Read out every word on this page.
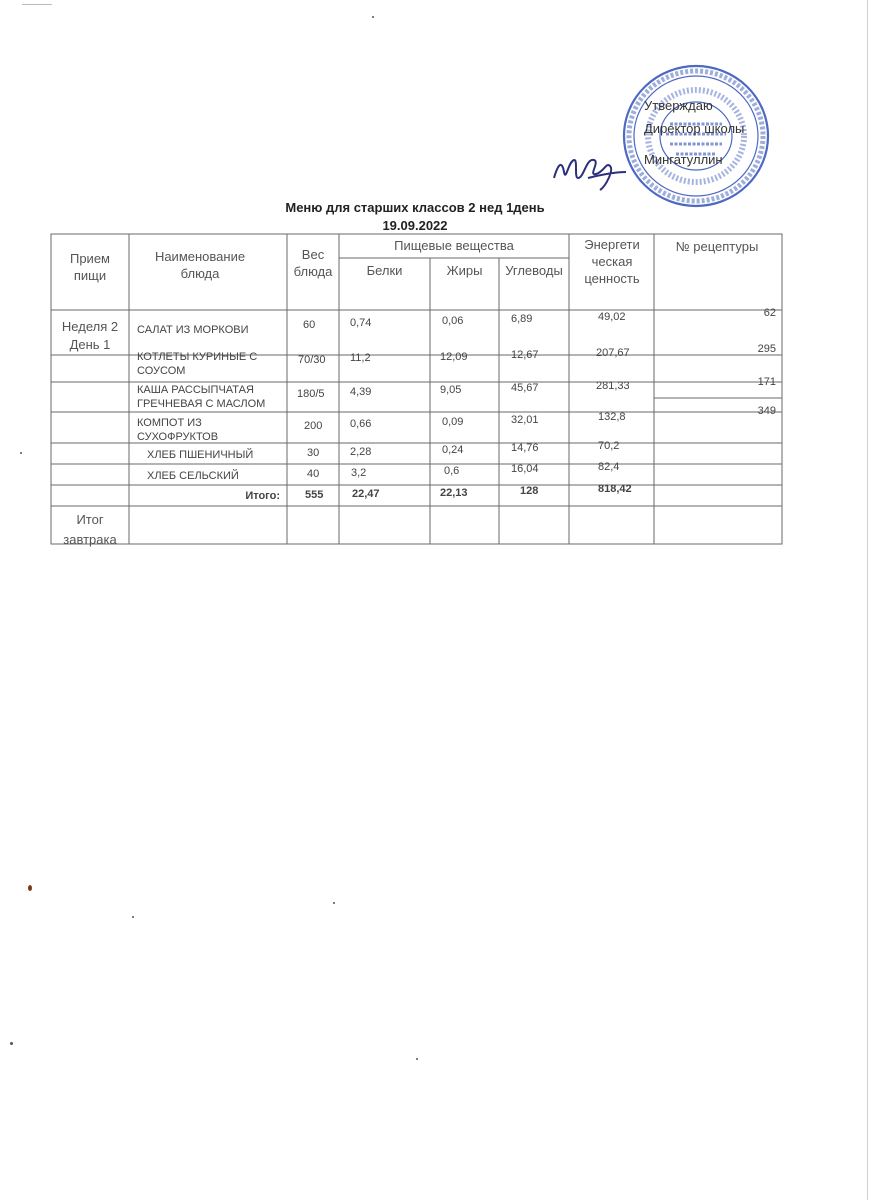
Утверждаю
Директор школы
Мингатуллин
Меню для старших классов 2 нед 1день
19.09.2022
Прием пищи
Наименование блюда
Вес блюда
Пищевые вещества
Белки	Жиры	Углеводы
Энергети ческая ценность
№ рецептуры
Неделя 2
День 1
САЛАТ ИЗ МОРКОВИ	60	0,74	0,06	6,89	49,02	62
КОТЛЕТЫ КУРИНЫЕ С СОУСОМ
70/30 11,2	12,09	12,67	207,67	295
КАША РАССЫПЧАТАЯ ГРЕЧНЕВАЯ С МАСЛОМ
180/5 4,39	9,05	45,67	281,33	171
КОМПОТ ИЗ СУХОФРУКТОВ
200	0,66	0,09	32,01	132,8	349
ХЛЕБ ПШЕНИЧНЫЙ	30	2,28	0,24	14,76	70,2
ХЛЕБ СЕЛЬСКИЙ	40	3,2	0,6	16,04	82,4
Итого: 555	22,47	22,13	128	818,42
Итог завтрака
